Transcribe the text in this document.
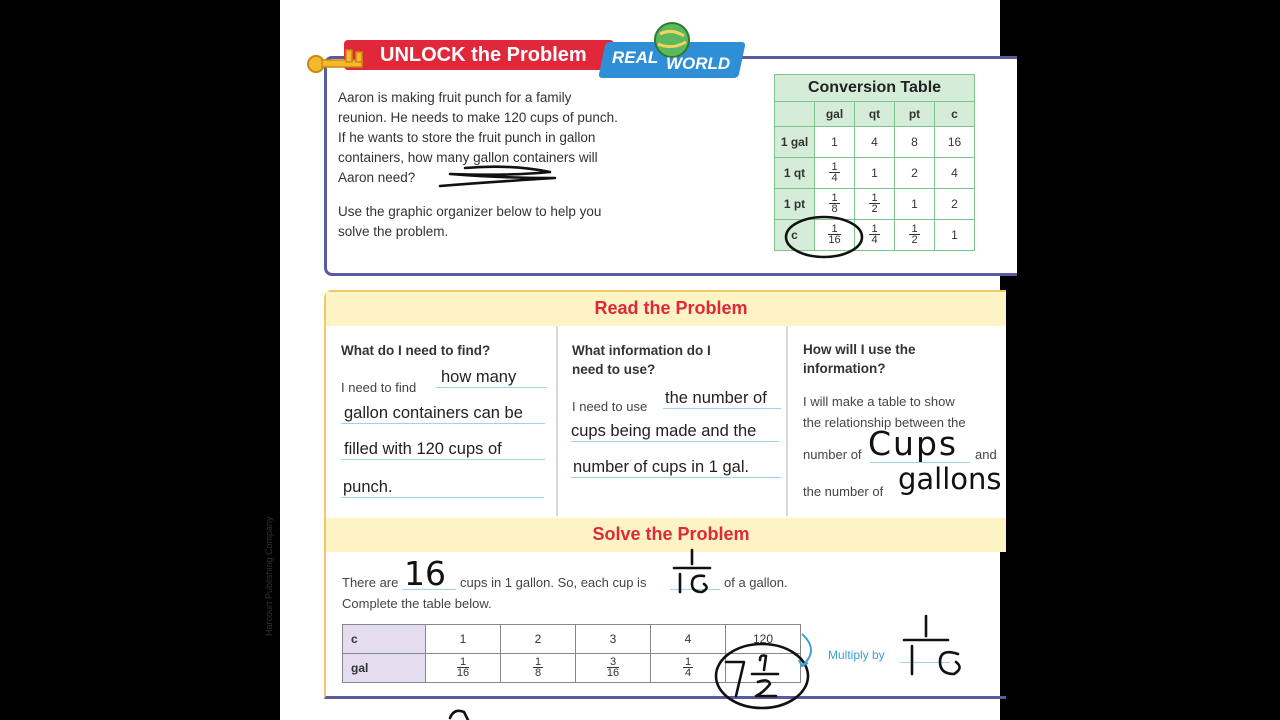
UNLOCK the Problem	REAL WORLD
Aaron is making fruit punch for a family
reunion. He needs to make 120 cups of punch.
If he wants to store the fruit punch in gallon
containers, how many gallon containers will
Aaron need?
Use the graphic organizer below to help you
solve the problem.
Conversion Table				
	gal	qt	pt	c
1 gal	1	4	8	16
1 qt	$\frac{1}{4}$	1	2	4
1 pt	$\frac{1}{8}$	$\frac{1}{2}$	1	2
c	$\frac{1}{16}$	$\frac{1}{4}$	$\frac{1}{2}$	1
Read the Problem
What do I need to find?
I need to find
how many
gallon containers can be
filled with 120 cups of
punch.
What information do I
need to use?
I need to use the number of
cups being made and the
number of cups in 1 gal.
How will I use the
information?
I will make a table to show
the relationship between the
number of	and
the number of
Cups
gallons
Solve the Problem
There are 16 cups in 1 gallon. So, each cup is	of a gallon.
Complete the table below.
c	1	2	3	4	120
gal	$\frac{1}{16}$	$\frac{1}{8}$	$\frac{3}{16}$	$\frac{1}{4}$

Multiply by
Harcourt Publishing Company
